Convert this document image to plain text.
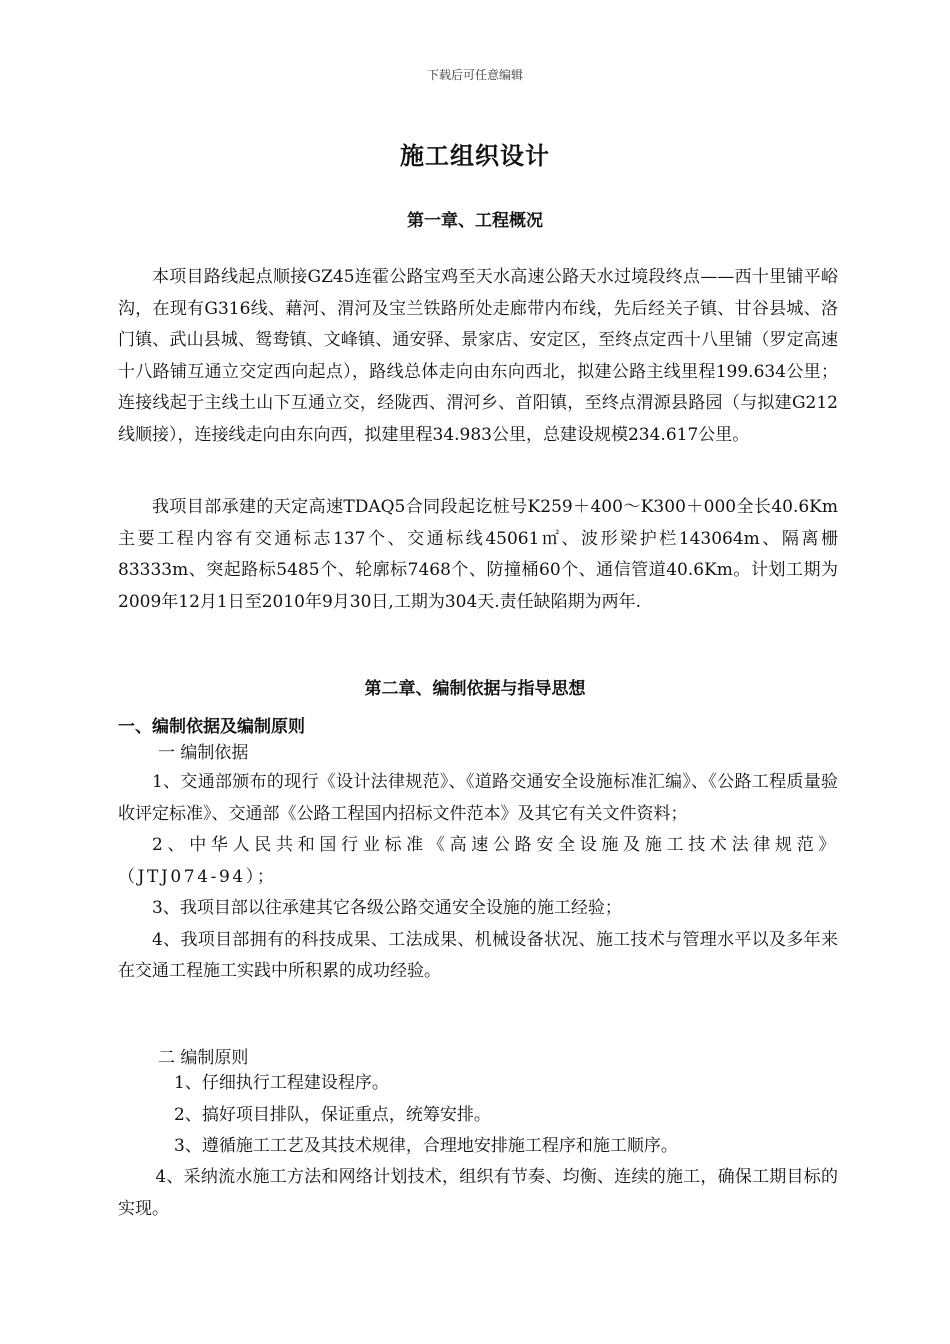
下载后可任意编辑
施工组织设计
第一章、工程概况

本项目路线起点顺接GZ45连霍公路宝鸡至天水高速公路天水过境段终点——西十里铺平峪沟，在现有G316线、藉河、渭河及宝兰铁路所处走廊带内布线，先后经关子镇、甘谷县城、洛门镇、武山县城、鸳鸯镇、文峰镇、通安驿、景家店、安定区，至终点定西十八里铺（罗定高速十八路铺互通立交定西向起点），路线总体走向由东向西北，拟建公路主线里程199.634公里；连接线起于主线土山下互通立交，经陇西、渭河乡、首阳镇，至终点渭源县路园（与拟建G212线顺接），连接线走向由东向西，拟建里程34.983公里，总建设规模234.617公里。

我项目部承建的天定高速TDAQ5合同段起讫桩号K259＋400～K300＋000全长40.6Km主要工程内容有交通标志137个、交通标线45061㎡、波形梁护栏143064m、隔离栅83333m、突起路标5485个、轮廓标7468个、防撞桶60个、通信管道40.6Km。计划工期为2009年12月1日至2010年9月30日,工期为304天.责任缺陷期为两年.

第二章、编制依据与指导思想
一、编制依据及编制原则
一 编制依据

1、交通部颁布的现行《设计法律规范》、《道路交通安全设施标准汇编》、《公路工程质量验收评定标准》、交通部《公路工程国内招标文件范本》及其它有关文件资料；

2、中华人民共和国行业标准《高速公路安全设施及施工技术法律规范》（JTJ074-94）；

3、我项目部以往承建其它各级公路交通安全设施的施工经验；

4、我项目部拥有的科技成果、工法成果、机械设备状况、施工技术与管理水平以及多年来在交通工程施工实践中所积累的成功经验。

二 编制原则
1、仔细执行工程建设程序。
2、搞好项目排队，保证重点，统筹安排。
3、遵循施工工艺及其技术规律，合理地安排施工程序和施工顺序。

4、采纳流水施工方法和网络计划技术，组织有节奏、均衡、连续的施工，确保工期目标的实现。
